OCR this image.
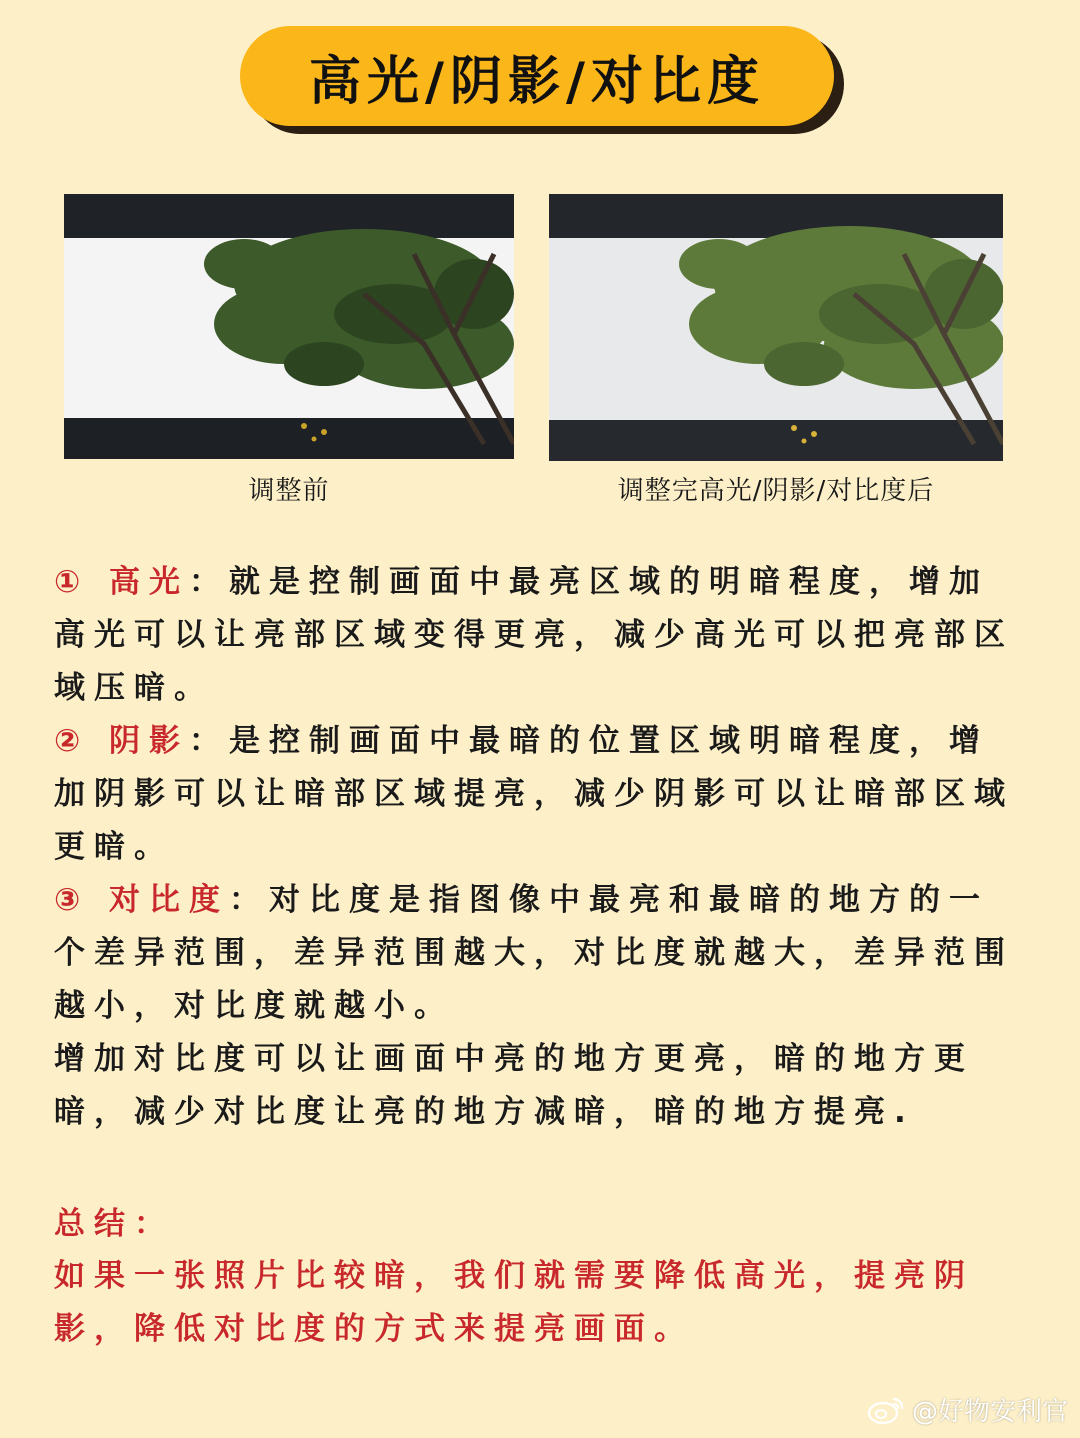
高光/阴影/对比度
调整前	调整完高光/阴影/对比度后

① 高光：就是控制画面中最亮区域的明暗程度，增加高光可以让亮部区域变得更亮，减少高光可以把亮部区域压暗。

② 阴影：是控制画面中最暗的位置区域明暗程度，增加阴影可以让暗部区域提亮，减少阴影可以让暗部区域更暗。

③ 对比度：对比度是指图像中最亮和最暗的地方的一个差异范围，差异范围越大，对比度就越大，差异范围越小，对比度就越小。

增加对比度可以让画面中亮的地方更亮，暗的地方更暗，减少对比度让亮的地方减暗，暗的地方提亮.

总结：
如果一张照片比较暗，我们就需要降低高光，提亮阴影，降低对比度的方式来提亮画面。
@好物安利官
